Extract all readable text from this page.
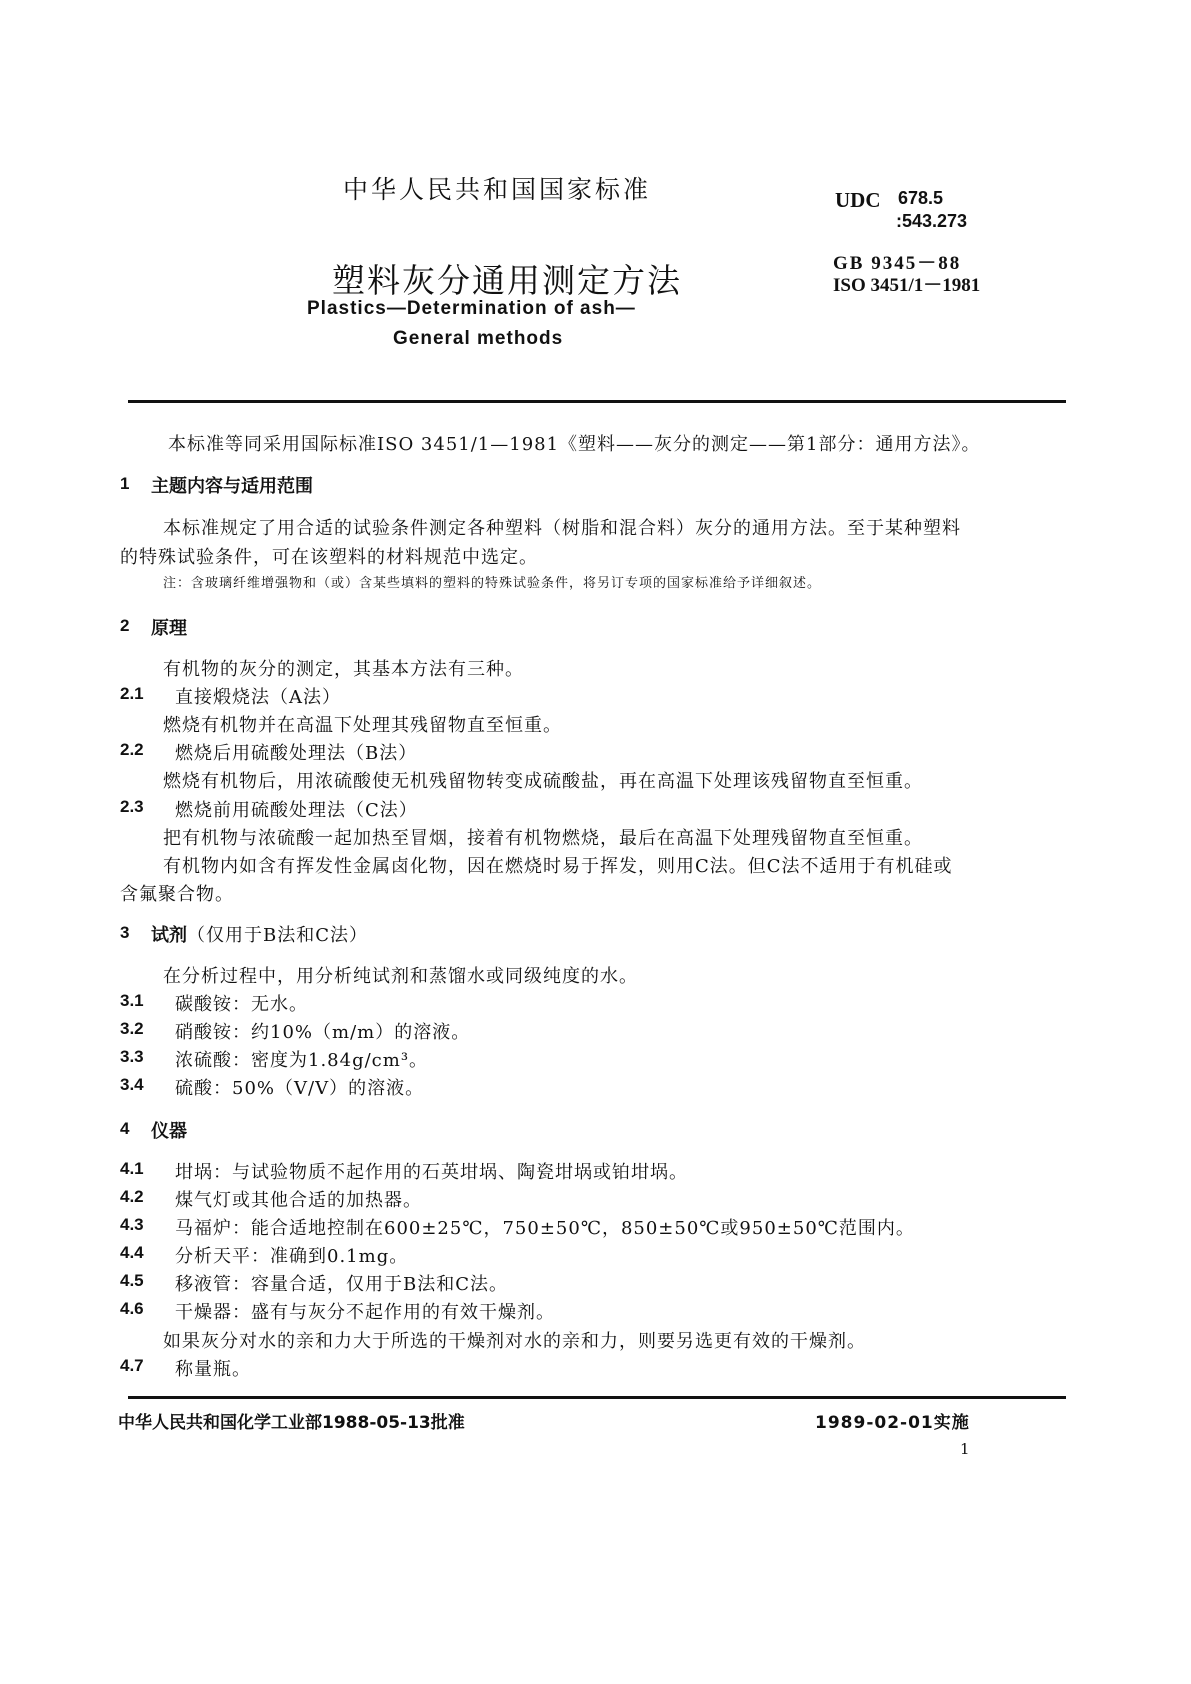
中华人民共和国国家标准	UDC 678.5
:543.273
塑料灰分通用测定方法	GB 9345－88
ISO 3451/1－1981
Plastics—Determination of ash—
General methods
本标准等同采用国际标准ISO 3451/1—1981《塑料——灰分的测定——第1部分：通用方法》。
1 主题内容与适用范围
本标准规定了用合适的试验条件测定各种塑料（树脂和混合料）灰分的通用方法。至于某种塑料
的特殊试验条件，可在该塑料的材料规范中选定。
注：含玻璃纤维增强物和（或）含某些填料的塑料的特殊试验条件，将另订专项的国家标准给予详细叙述。
2 原理
有机物的灰分的测定，其基本方法有三种。
2.1 直接煅烧法（A法）
燃烧有机物并在高温下处理其残留物直至恒重。
2.2 燃烧后用硫酸处理法（B法）
燃烧有机物后，用浓硫酸使无机残留物转变成硫酸盐，再在高温下处理该残留物直至恒重。
2.3 燃烧前用硫酸处理法（C法）
把有机物与浓硫酸一起加热至冒烟，接着有机物燃烧，最后在高温下处理残留物直至恒重。
有机物内如含有挥发性金属卤化物，因在燃烧时易于挥发，则用C法。但C法不适用于有机硅或
含氟聚合物。
3 试剂（仅用于B法和C法）
在分析过程中，用分析纯试剂和蒸馏水或同级纯度的水。
3.1 碳酸铵：无水。
3.2 硝酸铵：约10%（m/m）的溶液。
3.3 浓硫酸：密度为1.84g/cm³。
3.4 硫酸：50%（V/V）的溶液。
4 仪器
4.1 坩埚：与试验物质不起作用的石英坩埚、陶瓷坩埚或铂坩埚。
4.2 煤气灯或其他合适的加热器。
4.3 马福炉：能合适地控制在600±25℃，750±50℃，850±50℃或950±50℃范围内。
4.4 分析天平：准确到0.1mg。
4.5 移液管：容量合适，仅用于B法和C法。
4.6 干燥器：盛有与灰分不起作用的有效干燥剂。
如果灰分对水的亲和力大于所选的干燥剂对水的亲和力，则要另选更有效的干燥剂。
4.7 称量瓶。
中华人民共和国化学工业部1988-05-13批准	1989-02-01实施
1
